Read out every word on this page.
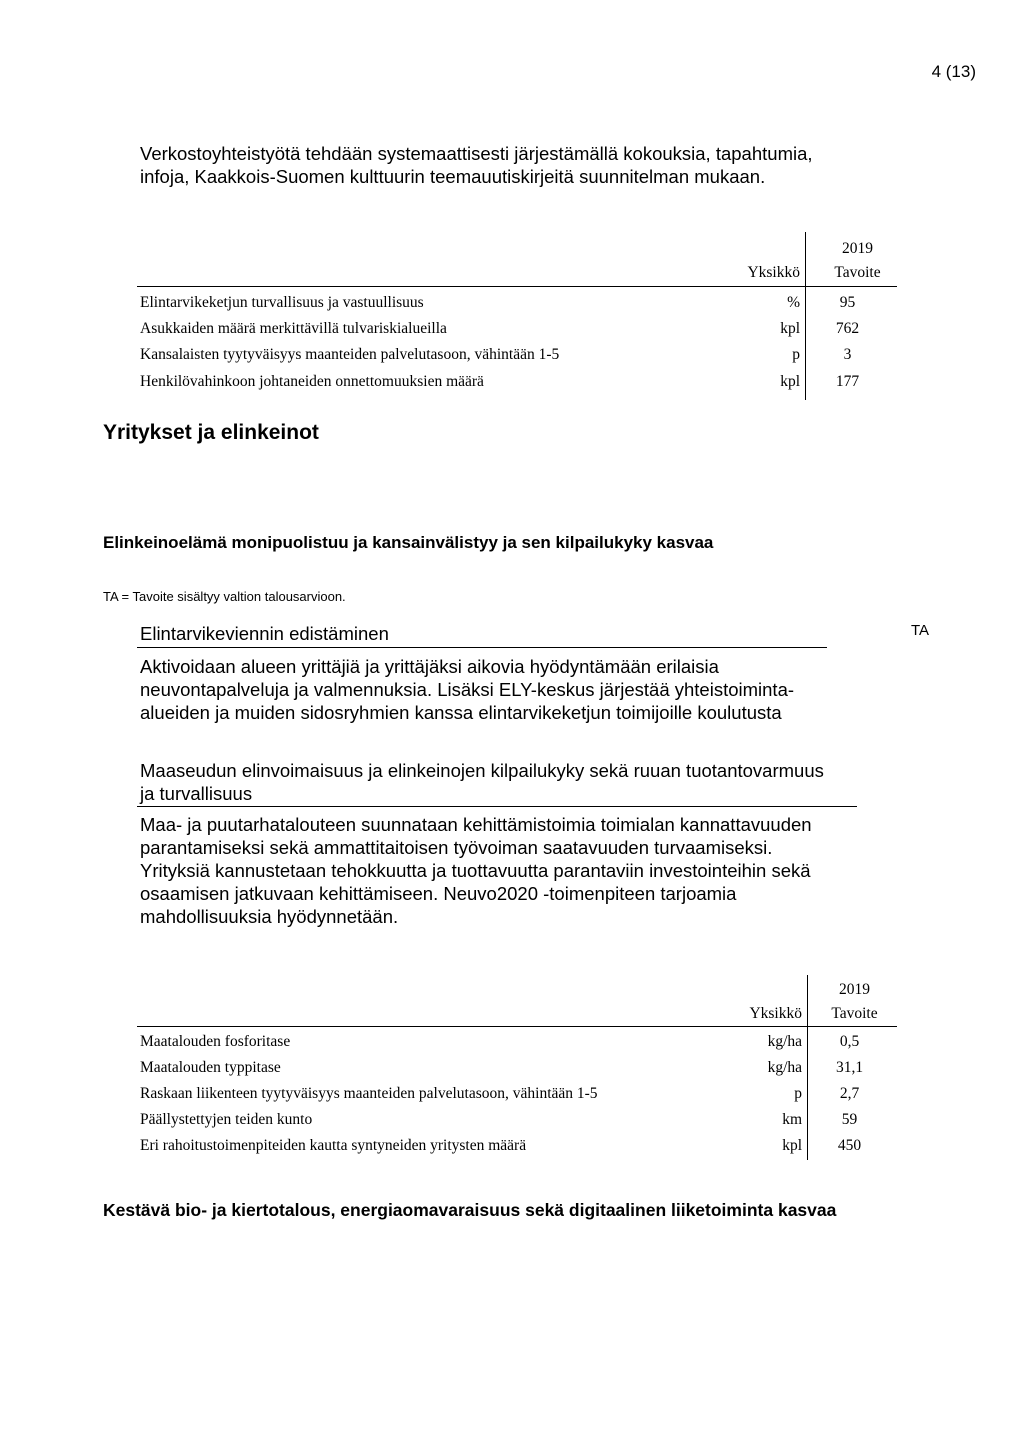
4 (13)
Verkostoyhteistyötä tehdään systemaattisesti järjestämällä kokouksia, tapahtumia,
infoja, Kaakkois-Suomen kulttuurin teemauutiskirjeitä suunnitelman mukaan.
2019
Yksikkö	Tavoite
Elintarvikeketjun turvallisuus ja vastuullisuus	%	95
Asukkaiden määrä merkittävillä tulvariskialueilla	kpl	762
Kansalaisten tyytyväisyys maanteiden palvelutasoon, vähintään 1-5	p	3
Henkilövahinkoon johtaneiden onnettomuuksien määrä	kpl	177
Yritykset ja elinkeinot
Elinkeinoelämä monipuolistuu ja kansainvälistyy ja sen kilpailukyky kasvaa
TA = Tavoite sisältyy valtion talousarvioon.
Elintarvikeviennin edistäminen	TA
Aktivoidaan alueen yrittäjiä ja yrittäjäksi aikovia hyödyntämään erilaisia
neuvontapalveluja ja valmennuksia. Lisäksi ELY-keskus järjestää yhteistoiminta-
alueiden ja muiden sidosryhmien kanssa elintarvikeketjun toimijoille koulutusta
Maaseudun elinvoimaisuus ja elinkeinojen kilpailukyky sekä ruuan tuotantovarmuus
ja turvallisuus
Maa- ja puutarhatalouteen suunnataan kehittämistoimia toimialan kannattavuuden
parantamiseksi sekä ammattitaitoisen työvoiman saatavuuden turvaamiseksi.
Yrityksiä kannustetaan tehokkuutta ja tuottavuutta parantaviin investointeihin sekä
osaamisen jatkuvaan kehittämiseen. Neuvo2020 -toimenpiteen tarjoamia
mahdollisuuksia hyödynnetään.
2019
Yksikkö	Tavoite
Maatalouden fosforitase	kg/ha	0,5
Maatalouden typpitase	kg/ha	31,1
Raskaan liikenteen tyytyväisyys maanteiden palvelutasoon, vähintään 1-5	p	2,7
Päällystettyjen teiden kunto	km	59
Eri rahoitustoimenpiteiden kautta syntyneiden yritysten määrä	kpl	450
Kestävä bio- ja kiertotalous, energiaomavaraisuus sekä digitaalinen liiketoiminta kasvaa
